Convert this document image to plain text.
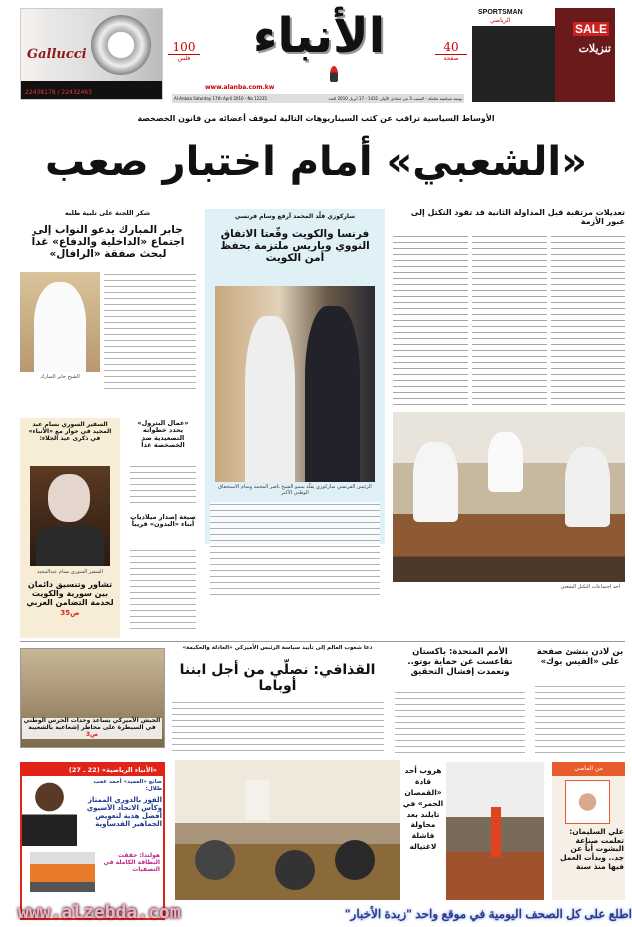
Gallucci
22438178 / 22432463
100
فلس	الأنباء
www.alanba.com.kw
40
صفحة
يومية سياسية شاملة - السبت 3 من جمادى الأولى 1431 - 17 أبريل 2010 العدد
Al-Anbaa Saturday 17th April 2010 - No 12235
SALE
تنزيلات
SPORTSMAN
الرياضي
الأوساط السياسية تراقب عن كثب السيناريوهات التالية لموقف أعضائه من قانون الخصخصة
«الشعبي» أمام اختبار صعب
تعديلات مرتقبة قبل المداولة الثانية قد تقود التكتل إلى عبور الأزمة
أحد اجتماعات التكتل الشعبي
ساركوزي قلّد المحمد أرفع وسام فرنسي
فرنسا والكويت وقّعتا الاتفاق النووي وباريس ملتزمة بحفظ أمن الكويت
الرئيس الفرنسي ساركوزي يقلّد سمو الشيخ ناصر المحمد وسام الاستحقاق الوطني الأكبر
شكر اللجنة على تلبية طلبه
جابر المبارك يدعو النواب إلى اجتماع «الداخلية والدفاع» غداً لبحث صفقة «الرافال»
الشيخ جابر المبارك
«عمال البترول» يحدد خطواته التصعيدية ضد الخصخصة غداً
صيغة إصدار ميلاديات أبناء «البدون» قريباً
السفير السوري بسام عبد المجيد في حوار مع «الأنباء» في ذكرى عيد الجلاء:
السفير السوري بسام عبدالمجيد
تشاور وتنسيق دائمان بين سورية والكويت لخدمة التضامن العربي ص35
الجيش الأميركي يساعد وحدات الحرس الوطني في السيطرة على مخاطر إشعاعية بالشعيبة ص3
دعا شعوب العالم إلى تأييد سياسة الرئيس الأميركي «العادلة والحكيمة»
القذافي: نصلّي من أجل ابننا أوباما
الأمم المتحدة: باكستان تقاعست عن حماية بوتو.. وتعمدت إفشال التحقيق
بن لادن ينشئ صفحة على «الفيس بوك»
«الأنباء الرياضية» (22 ـ 27)
صانع «العميد» أحمد عجب طلال:
الفوز بالدوري الممتاز وكأس الاتحاد الآسيوي أفضل هدية لتعويض الجماهير القدساوية
هولندا: حققت البطاقة الكاملة في التصفيات
هروب أحد قادة «القمصان الحمر» في تايلند بعد محاولة فاشلة لاغتياله
من الماضي
علي السليمان: تعلمت صناعة البشوت أباً عن جد.. وبدأت العمل فيها منذ سنة
www.alzebda.com	اطلع على كل الصحف اليومية في موقع واحد "زبدة الأخبار"
